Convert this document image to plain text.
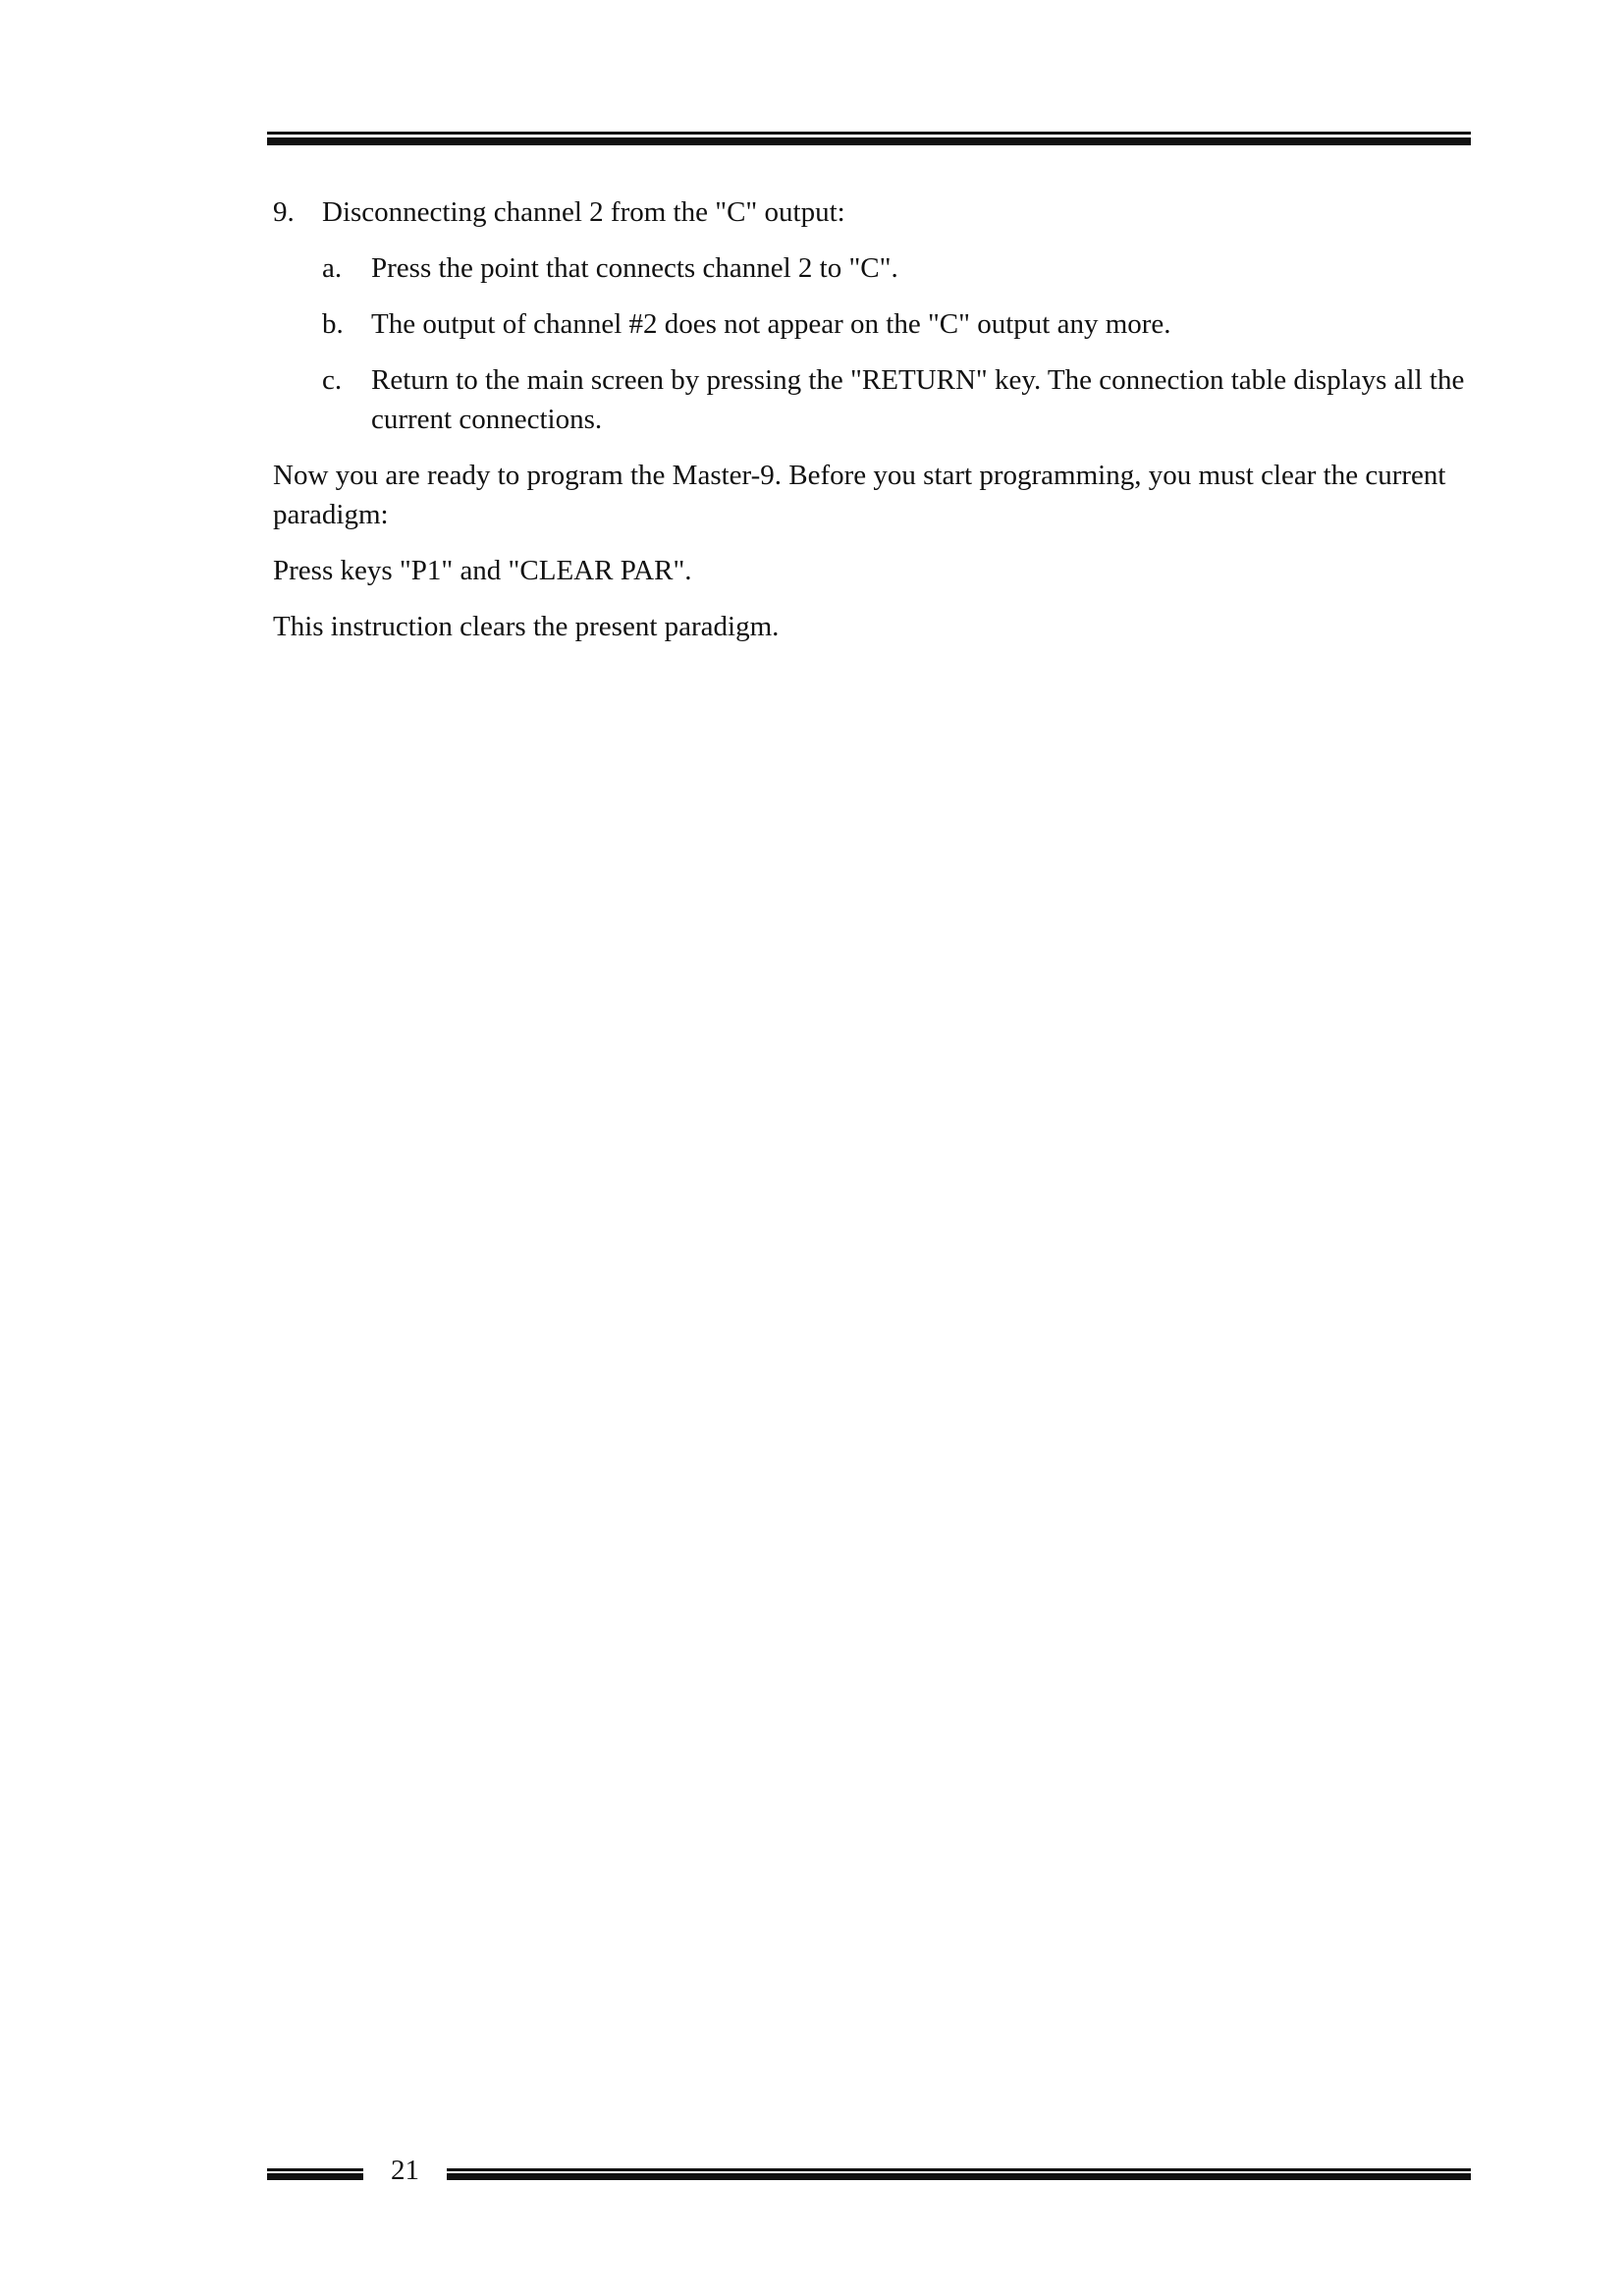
9. Disconnecting channel 2 from the "C" output:
a.	Press the point that connects channel 2 to "C".
b. The output of channel #2 does not appear on the "C" output any more.
c.	Return to the main screen by pressing the "RETURN" key. The connection table displays all the current connections.

Now you are ready to program the Master-9. Before you start programming, you must clear the current paradigm:

Press keys "P1" and "CLEAR PAR".

This instruction clears the present paradigm.

21
